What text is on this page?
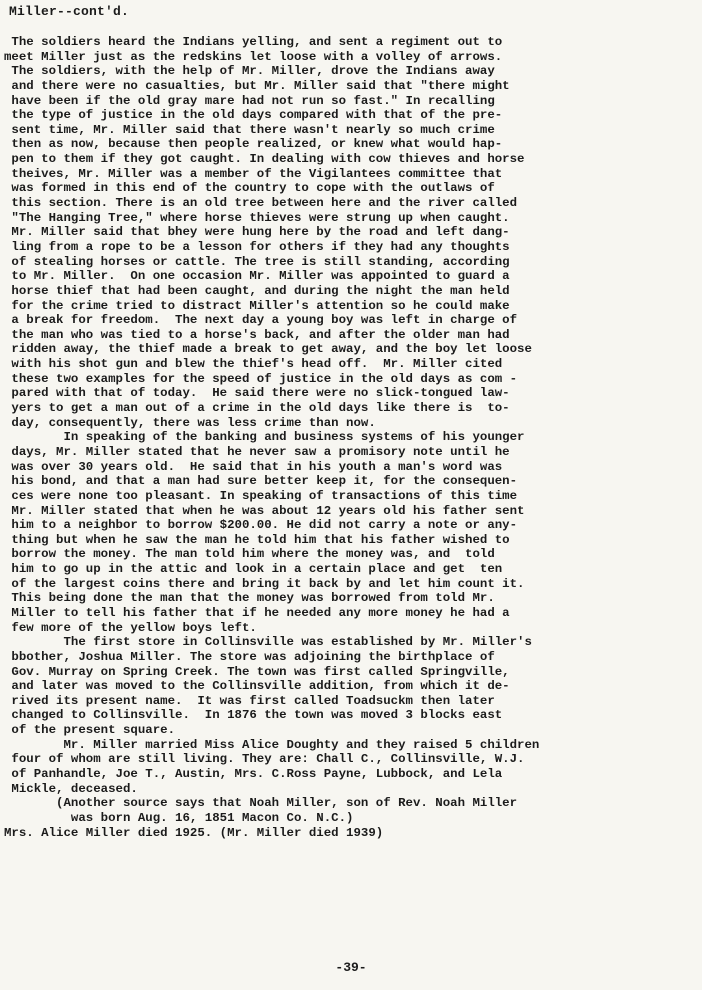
Miller--cont'd.
The soldiers heard the Indians yelling, and sent a regiment out to
meet Miller just as the redskins let loose with a volley of arrows.
The soldiers, with the help of Mr. Miller, drove the Indians away
and there were no casualties, but Mr. Miller said that "there might
have been if the old gray mare had not run so fast." In recalling
the type of justice in the old days compared with that of the pre-
sent time, Mr. Miller said that there wasn't nearly so much crime
then as now, because then people realized, or knew what would hap-
pen to them if they got caught. In dealing with cow thieves and horse
theives, Mr. Miller was a member of the Vigilantees committee that
was formed in this end of the country to cope with the outlaws of
this section. There is an old tree between here and the river called
"The Hanging Tree," where horse thieves were strung up when caught.
Mr. Miller said that bhey were hung here by the road and left dang-
ling from a rope to be a lesson for others if they had any thoughts
of stealing horses or cattle. The tree is still standing, according
to Mr. Miller.  On one occasion Mr. Miller was appointed to guard a
horse thief that had been caught, and during the night the man held
for the crime tried to distract Miller's attention so he could make
a break for freedom.  The next day a young boy was left in charge of
the man who was tied to a horse's back, and after the older man had
ridden away, the thief made a break to get away, and the boy let loose
with his shot gun and blew the thief's head off.  Mr. Miller cited
these two examples for the speed of justice in the old days as com -
pared with that of today.  He said there were no slick-tongued law-
yers to get a man out of a crime in the old days like there is  to-
day, consequently, there was less crime than now.
In speaking of the banking and business systems of his younger
days, Mr. Miller stated that he never saw a promisory note until he
was over 30 years old.  He said that in his youth a man's word was
his bond, and that a man had sure better keep it, for the consequen-
ces were none too pleasant. In speaking of transactions of this time
Mr. Miller stated that when he was about 12 years old his father sent
him to a neighbor to borrow $200.00. He did not carry a note or any-
thing but when he saw the man he told him that his father wished to
borrow the money. The man told him where the money was, and  told
him to go up in the attic and look in a certain place and get  ten
of the largest coins there and bring it back by and let him count it.
This being done the man that the money was borrowed from told Mr.
Miller to tell his father that if he needed any more money he had a
few more of the yellow boys left.
The first store in Collinsville was established by Mr. Miller's
bbother, Joshua Miller. The store was adjoining the birthplace of
Gov. Murray on Spring Creek. The town was first called Springville,
and later was moved to the Collinsville addition, from which it de-
rived its present name.  It was first called Toadsuckm then later
changed to Collinsville.  In 1876 the town was moved 3 blocks east
of the present square.
Mr. Miller married Miss Alice Doughty and they raised 5 children
four of whom are still living. They are: Chall C., Collinsville, W.J.
of Panhandle, Joe T., Austin, Mrs. C.Ross Payne, Lubbock, and Lela
Mickle, deceased.
(Another source says that Noah Miller, son of Rev. Noah Miller
was born Aug. 16, 1851 Macon Co. N.C.)
Mrs. Alice Miller died 1925. (Mr. Miller died 1939)
-39-
